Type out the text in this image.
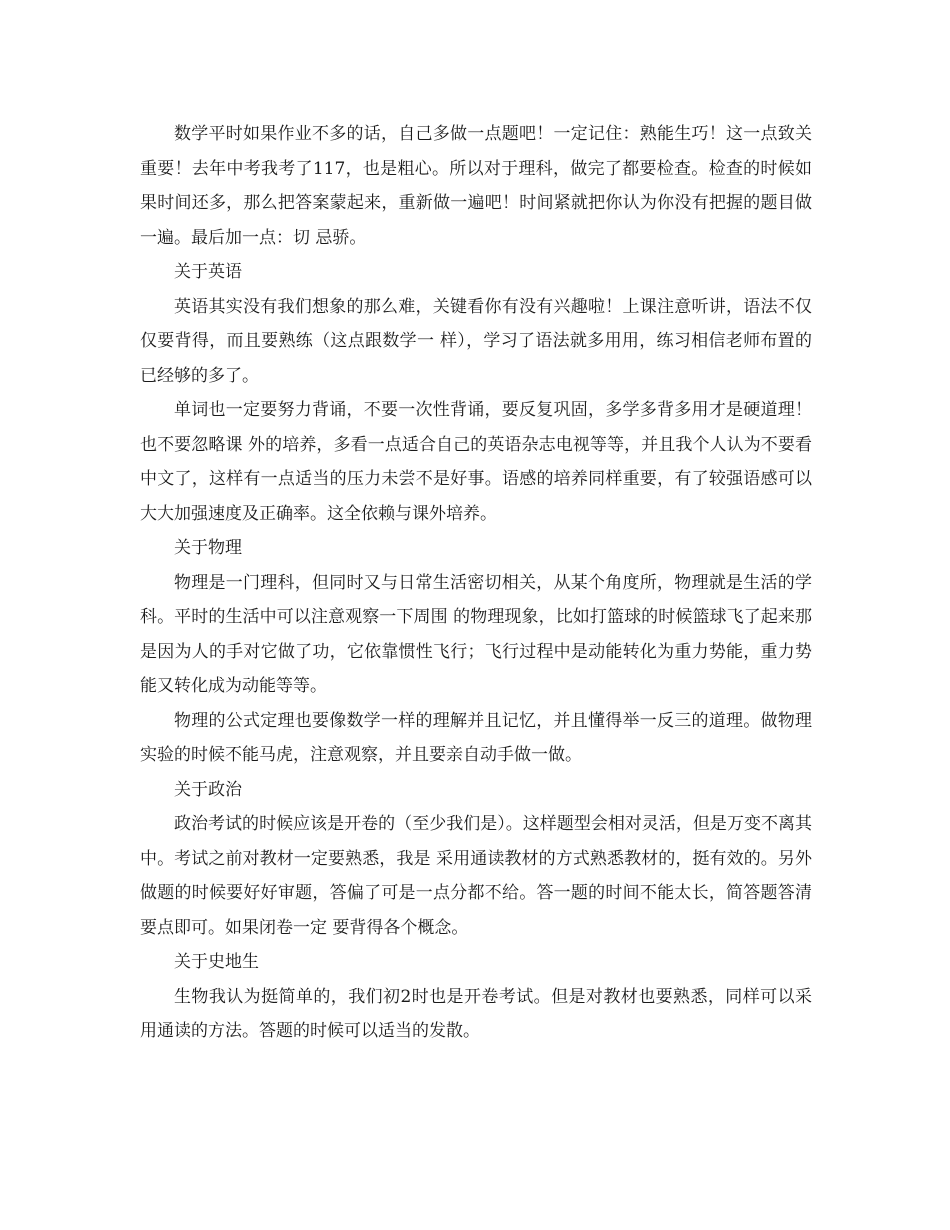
数学平时如果作业不多的话，自己多做一点题吧！一定记住：熟能生巧！这一点致关重要！去年中考我考了117，也是粗心。所以对于理科，做完了都要检查。检查的时候如果时间还多，那么把答案蒙起来，重新做一遍吧！时间紧就把你认为你没有把握的题目做一遍。最后加一点：切 忌骄。

关于英语

英语其实没有我们想象的那么难，关键看你有没有兴趣啦！上课注意听讲，语法不仅仅要背得，而且要熟练（这点跟数学一 样），学习了语法就多用用，练习相信老师布置的已经够的多了。

单词也一定要努力背诵，不要一次性背诵，要反复巩固，多学多背多用才是硬道理！也不要忽略课 外的培养，多看一点适合自己的英语杂志电视等等，并且我个人认为不要看中文了，这样有一点适当的压力未尝不是好事。语感的培养同样重要，有了较强语感可以 大大加强速度及正确率。这全依赖与课外培养。

关于物理

物理是一门理科，但同时又与日常生活密切相关，从某个角度所，物理就是生活的学科。平时的生活中可以注意观察一下周围 的物理现象，比如打篮球的时候篮球飞了起来那是因为人的手对它做了功，它依靠惯性飞行；飞行过程中是动能转化为重力势能，重力势能又转化成为动能等等。

物理的公式定理也要像数学一样的理解并且记忆，并且懂得举一反三的道理。做物理实验的时候不能马虎，注意观察，并且要亲自动手做一做。

关于政治

政治考试的时候应该是开卷的（至少我们是）。这样题型会相对灵活，但是万变不离其中。考试之前对教材一定要熟悉，我是 采用通读教材的方式熟悉教材的，挺有效的。另外做题的时候要好好审题，答偏了可是一点分都不给。答一题的时间不能太长，简答题答清要点即可。如果闭卷一定 要背得各个概念。

关于史地生

生物我认为挺简单的，我们初2时也是开卷考试。但是对教材也要熟悉，同样可以采用通读的方法。答题的时候可以适当的发散。
